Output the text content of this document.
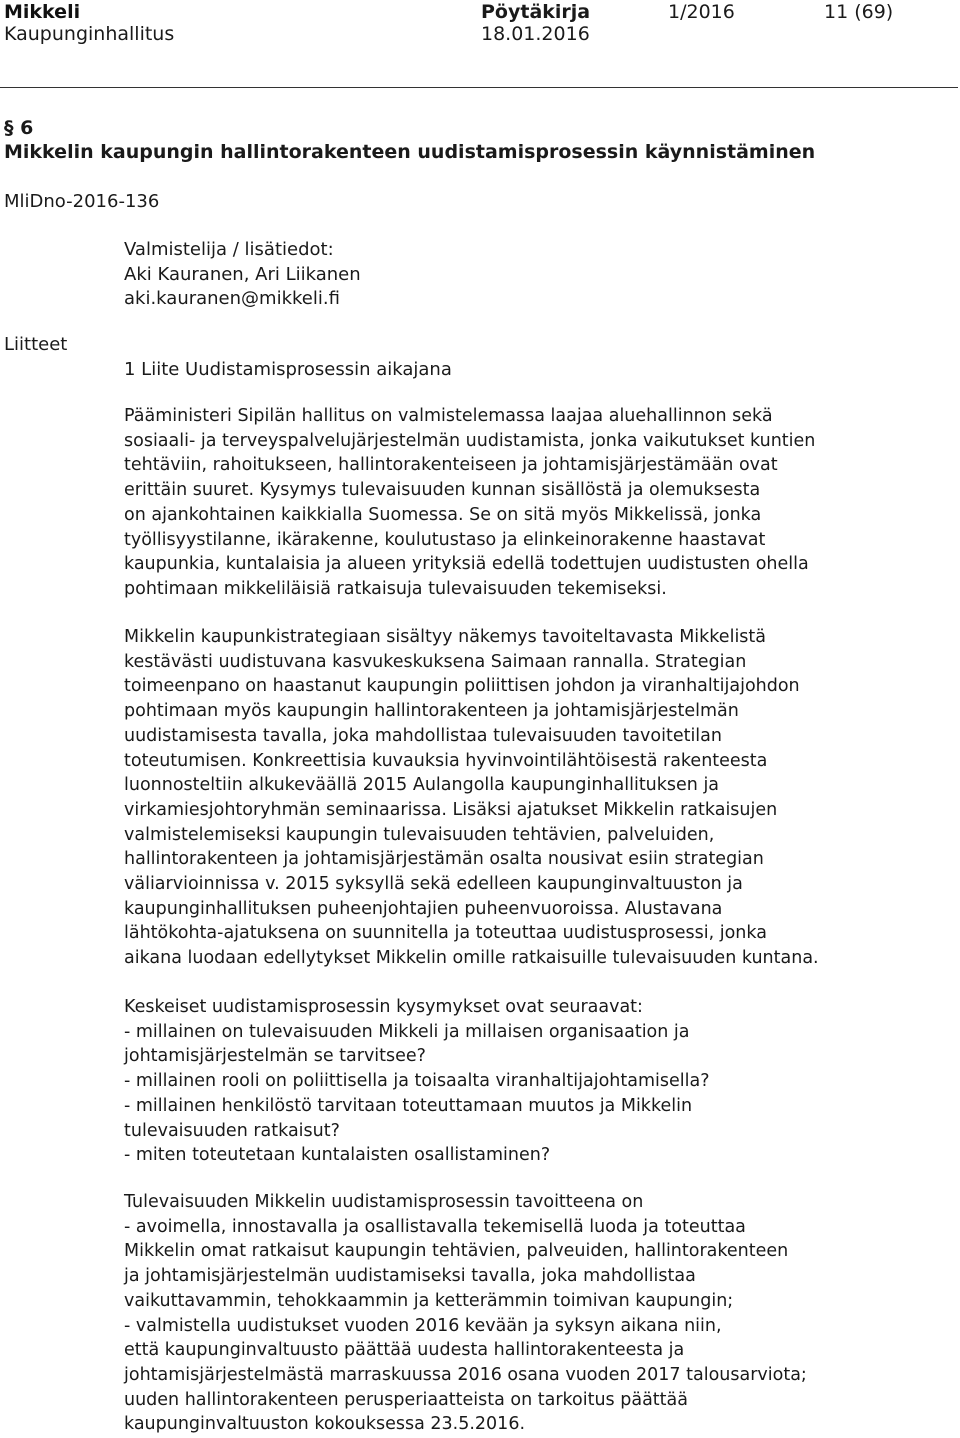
Mikkeli
Kaupunginhallitus
Pöytäkirja
18.01.2016
1/2016	11 (69)
§ 6
Mikkelin kaupungin hallintorakenteen uudistamisprosessin käynnistäminen
MliDno-2016-136
Valmistelija / lisätiedot:
Aki Kauranen, Ari Liikanen
aki.kauranen@mikkeli.fi
Liitteet
1 Liite Uudistamisprosessin aikajana
Pääministeri Sipilän hallitus on valmistelemassa laajaa aluehallinnon sekä
sosiaali- ja terveyspalvelujärjestelmän uudistamista, jonka vaikutukset kuntien
tehtäviin, rahoitukseen, hallintorakenteiseen ja johtamisjärjestämään ovat
erittäin suuret. Kysymys tulevaisuuden kunnan sisällöstä ja olemuksesta
on ajankohtainen kaikkialla Suomessa. Se on sitä myös Mikkelissä, jonka
työllisyystilanne, ikärakenne, koulutustaso ja elinkeinorakenne haastavat
kaupunkia, kuntalaisia ja alueen yrityksiä edellä todettujen uudistusten ohella
pohtimaan mikkeliläisiä ratkaisuja tulevaisuuden tekemiseksi.
Mikkelin kaupunkistrategiaan sisältyy näkemys tavoiteltavasta Mikkelistä
kestävästi uudistuvana kasvukeskuksena Saimaan rannalla. Strategian
toimeenpano on haastanut kaupungin poliittisen johdon ja viranhaltijajohdon
pohtimaan myös kaupungin hallintorakenteen ja johtamisjärjestelmän
uudistamisesta tavalla, joka mahdollistaa tulevaisuuden tavoitetilan
toteutumisen. Konkreettisia kuvauksia hyvinvointilähtöisestä rakenteesta
luonnosteltiin alkukeväällä 2015 Aulangolla kaupunginhallituksen ja
virkamiesjohtoryhmän seminaarissa. Lisäksi ajatukset Mikkelin ratkaisujen
valmistelemiseksi kaupungin tulevaisuuden tehtävien, palveluiden,
hallintorakenteen ja johtamisjärjestämän osalta nousivat esiin strategian
väliarvioinnissa v. 2015 syksyllä sekä edelleen kaupunginvaltuuston ja
kaupunginhallituksen puheenjohtajien puheenvuoroissa. Alustavana
lähtökohta-ajatuksena on suunnitella ja toteuttaa uudistusprosessi, jonka
aikana luodaan edellytykset Mikkelin omille ratkaisuille tulevaisuuden kuntana.
Keskeiset uudistamisprosessin kysymykset ovat seuraavat:
- millainen on tulevaisuuden Mikkeli ja millaisen organisaation ja
johtamisjärjestelmän se tarvitsee?
- millainen rooli on poliittisella ja toisaalta viranhaltijajohtamisella?
- millainen henkilöstö tarvitaan toteuttamaan muutos ja Mikkelin
tulevaisuuden ratkaisut?
- miten toteutetaan kuntalaisten osallistaminen?
Tulevaisuuden Mikkelin uudistamisprosessin tavoitteena on
- avoimella, innostavalla ja osallistavalla tekemisellä luoda ja toteuttaa
Mikkelin omat ratkaisut kaupungin tehtävien, palveuiden, hallintorakenteen
ja johtamisjärjestelmän uudistamiseksi tavalla, joka mahdollistaa
vaikuttavammin, tehokkaammin ja ketterämmin toimivan kaupungin;
- valmistella uudistukset vuoden 2016 kevään ja syksyn aikana niin,
että kaupunginvaltuusto päättää uudesta hallintorakenteesta ja
johtamisjärjestelmästä marraskuussa 2016 osana vuoden 2017 talousarviota;
uuden hallintorakenteen perusperiaatteista on tarkoitus päättää
kaupunginvaltuuston kokouksessa 23.5.2016.
